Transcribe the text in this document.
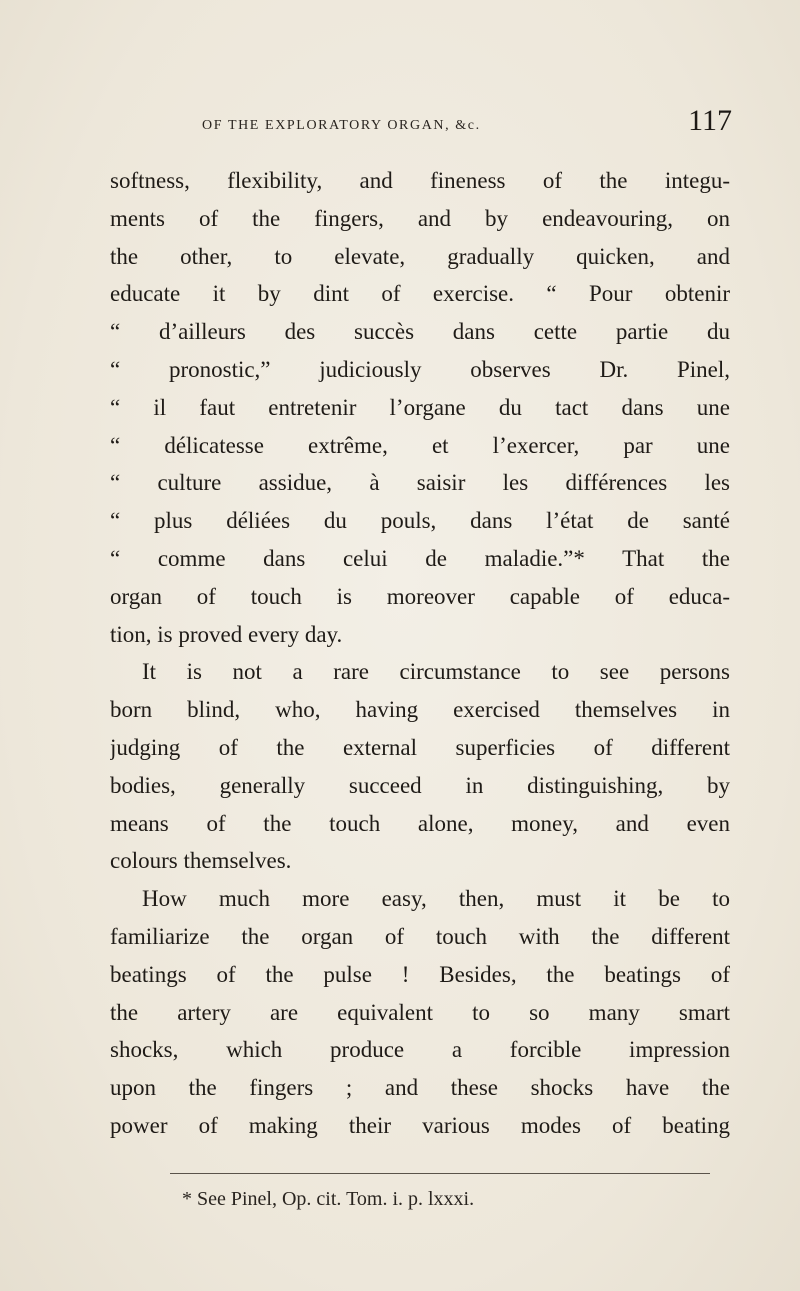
OF THE EXPLORATORY ORGAN, &c.	117
softness, flexibility, and fineness of the integu-
ments of the fingers, and by endeavouring, on
the other, to elevate, gradually quicken, and
educate it by dint of exercise. “ Pour obtenir
“ d’ailleurs des succès dans cette partie du
“ pronostic,” judiciously observes Dr. Pinel,
“ il faut entretenir l’organe du tact dans une
“ délicatesse extrême, et l’exercer, par une
“ culture assidue, à saisir les différences les
“ plus déliées du pouls, dans l’état de santé
“ comme dans celui de maladie.”* That the
organ of touch is moreover capable of educa-
tion, is proved every day.
It is not a rare circumstance to see persons
born blind, who, having exercised themselves in
judging of the external superficies of different
bodies, generally succeed in distinguishing, by
means of the touch alone, money, and even
colours themselves.
How much more easy, then, must it be to
familiarize the organ of touch with the different
beatings of the pulse ! Besides, the beatings of
the artery are equivalent to so many smart
shocks, which produce a forcible impression
upon the fingers ; and these shocks have the
power of making their various modes of beating
* See Pinel, Op. cit. Tom. i. p. lxxxi.
